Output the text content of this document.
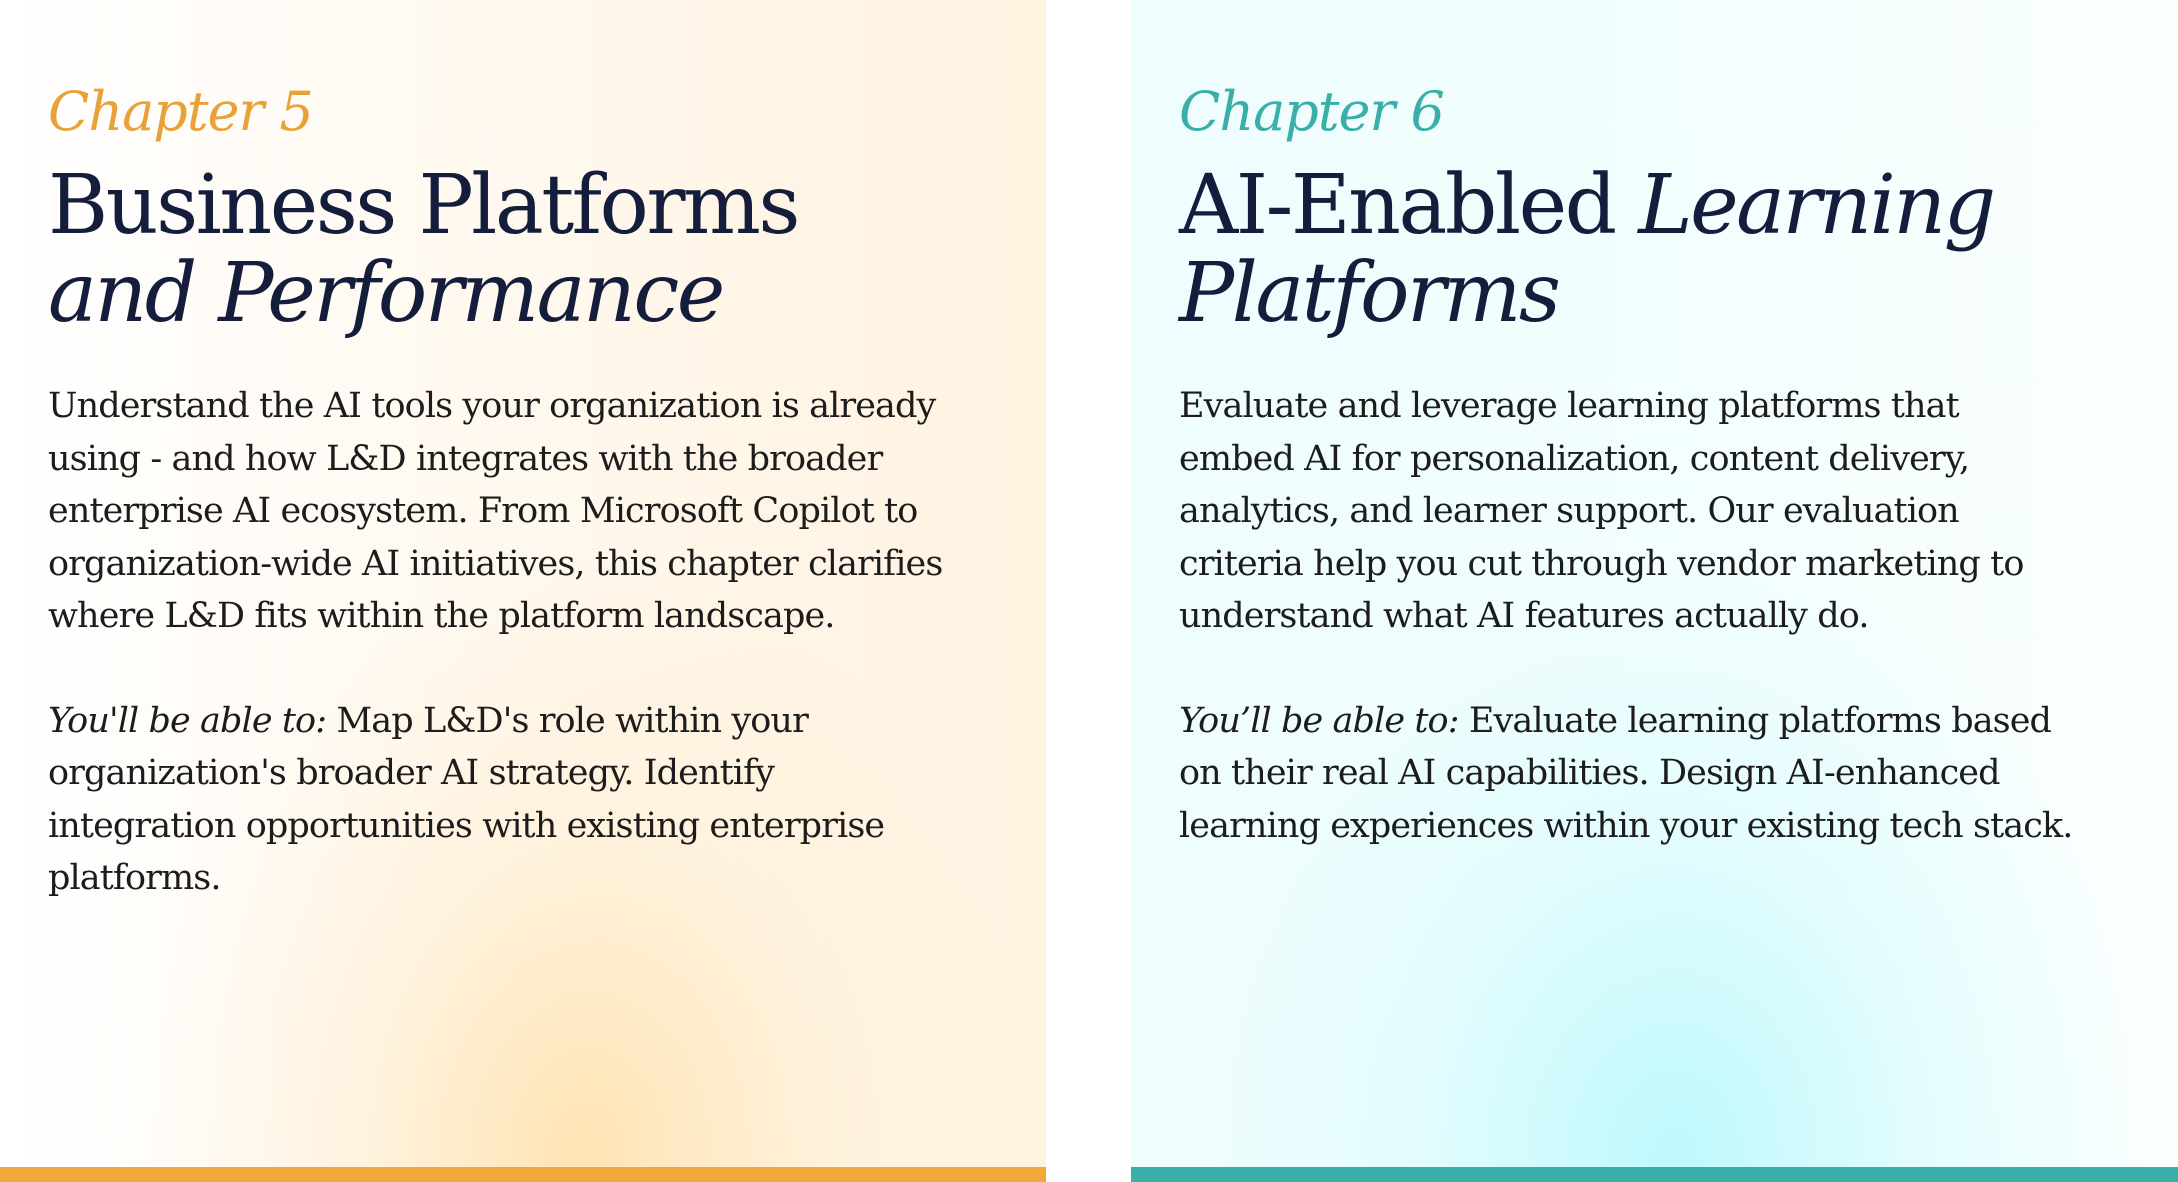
Chapter 5

Business Platforms
and Performance

Understand the AI tools your organization is already using - and how L&D integrates with the broader enterprise AI ecosystem. From Microsoft Copilot to organization-wide AI initiatives, this chapter clarifies where L&D fits within the platform landscape.

You'll be able to: Map L&D's role within your organization's broader AI strategy. Identify integration opportunities with existing enterprise platforms.

Chapter 6

AI-Enabled Learning Platforms

Evaluate and leverage learning platforms that embed AI for personalization, content delivery, analytics, and learner support. Our evaluation criteria help you cut through vendor marketing to understand what AI features actually do.

You’ll be able to: Evaluate learning platforms based on their real AI capabilities. Design AI-enhanced learning experiences within your existing tech stack.
